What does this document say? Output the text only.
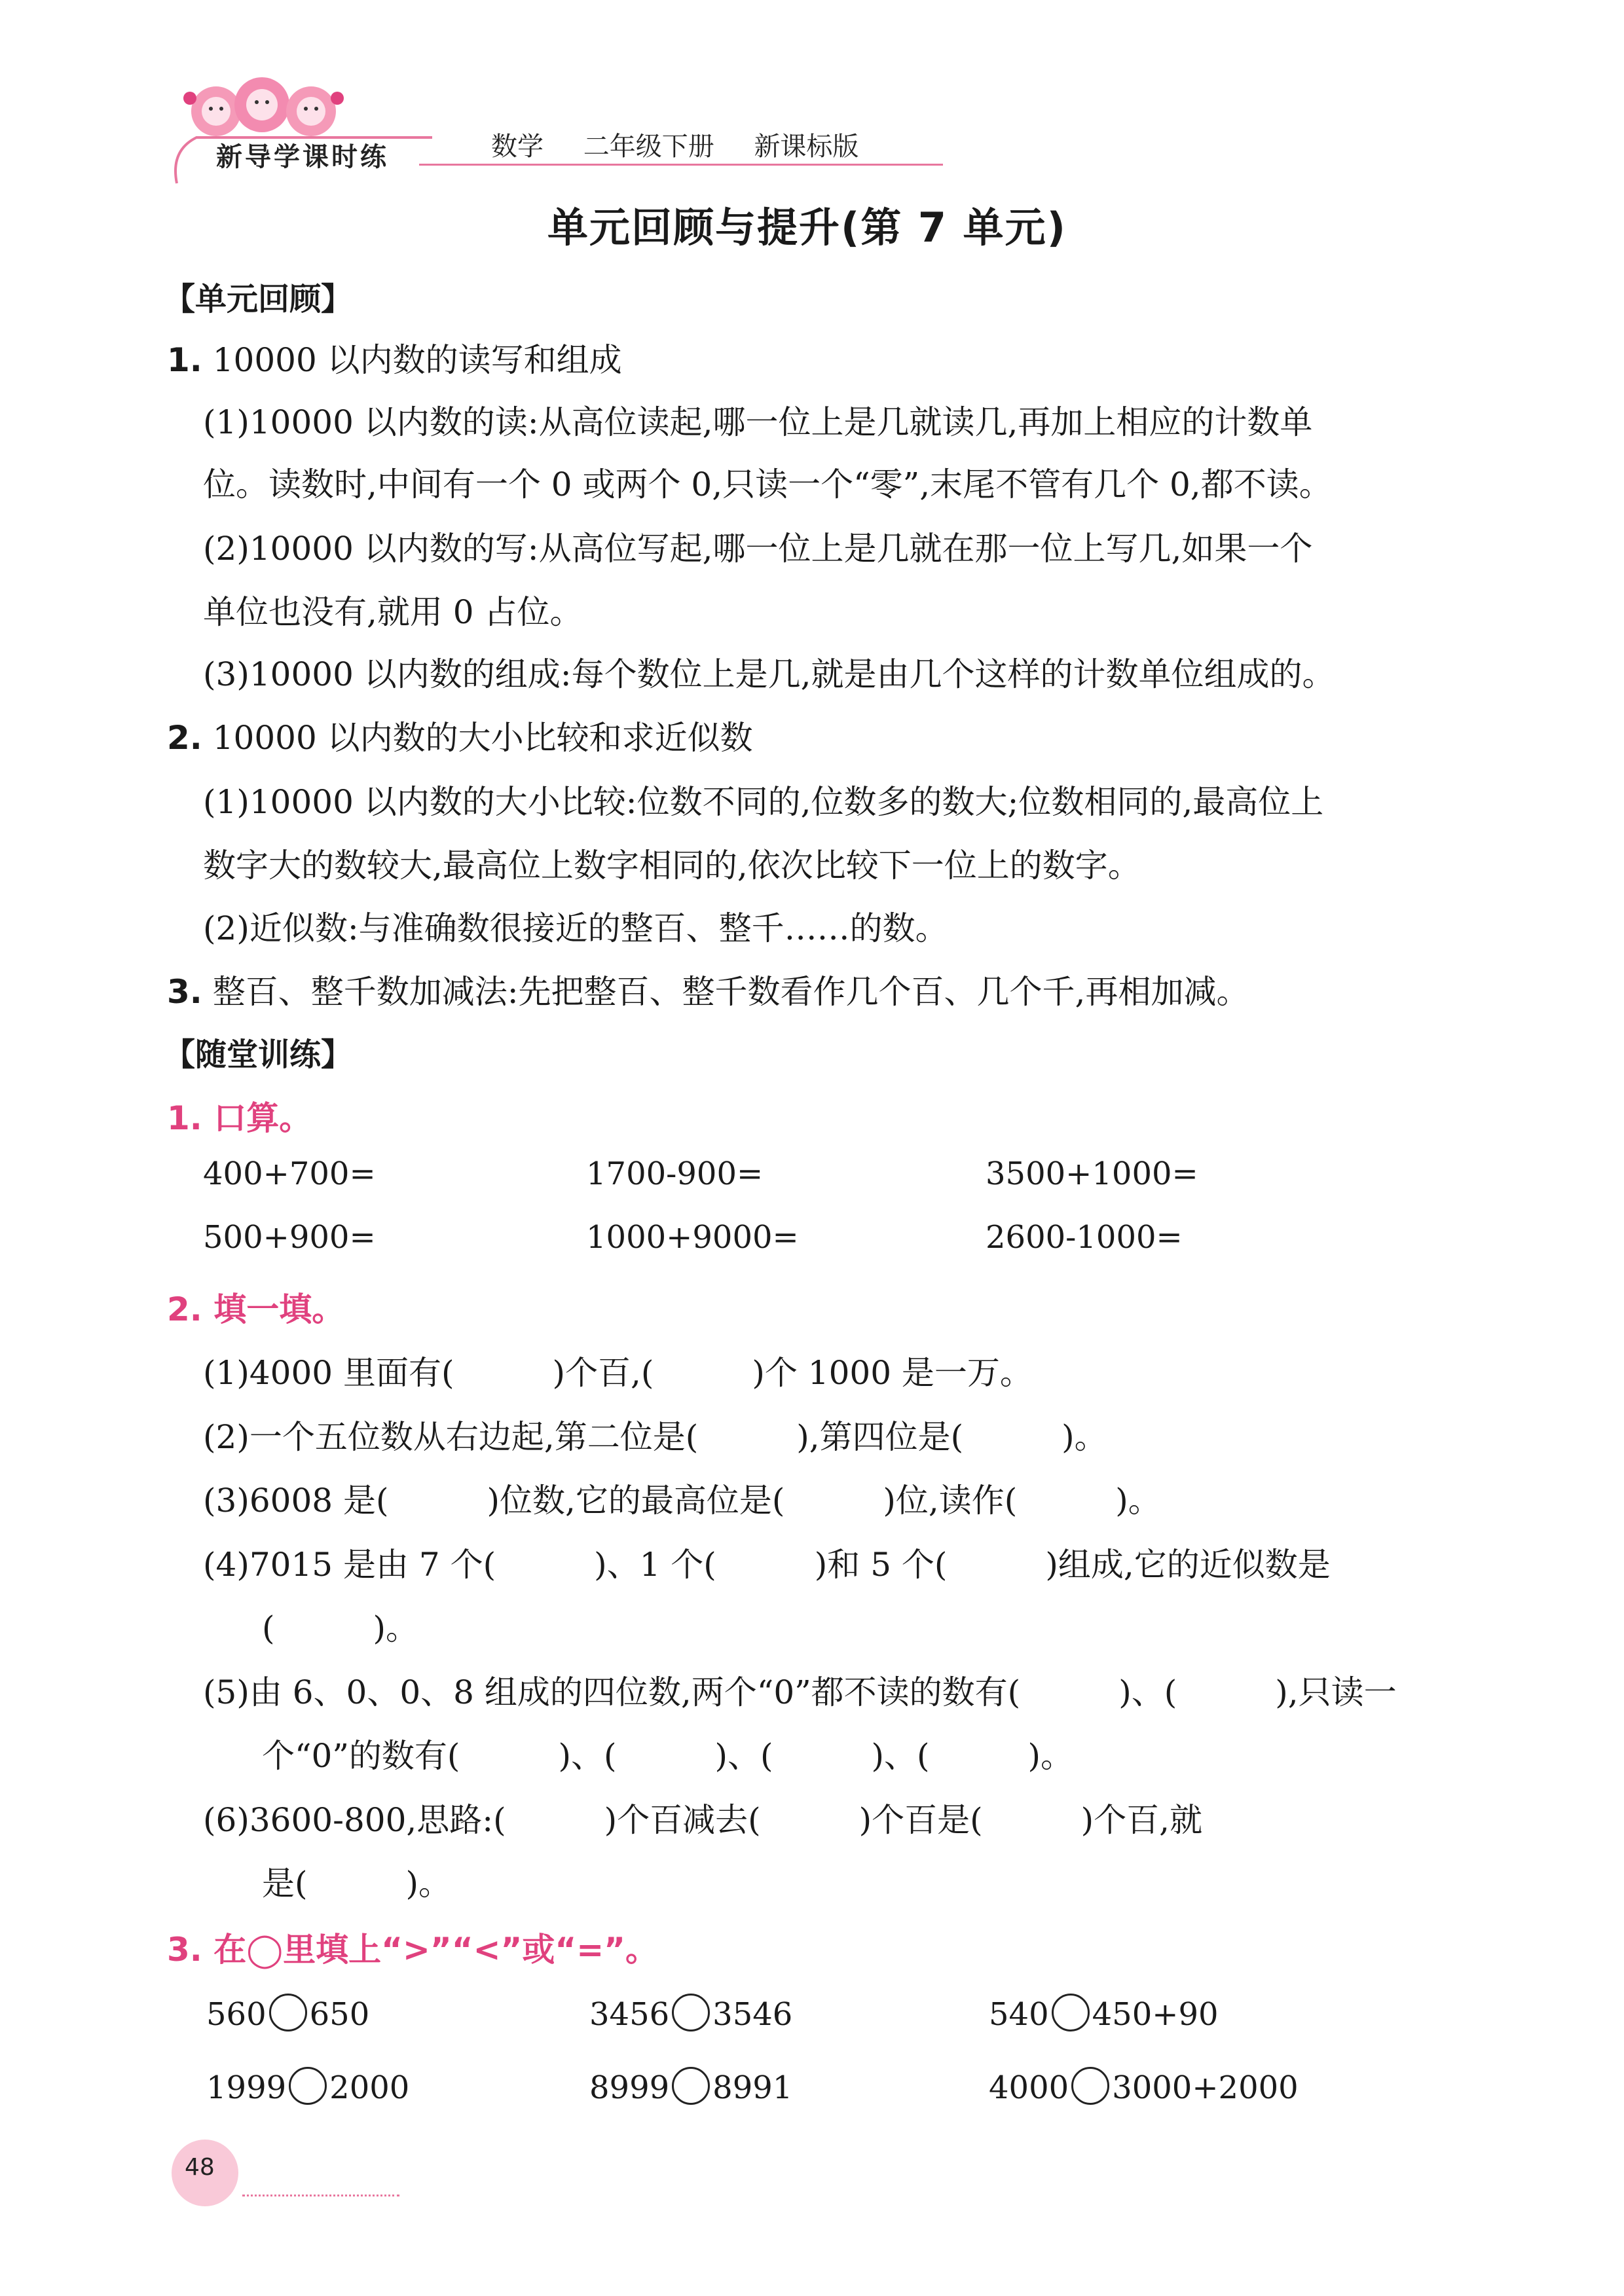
新导学课时练	数学 二年级下册 新课标版
单元回顾与提升(第 7 单元)
【单元回顾】
1. 10000 以内数的读写和组成
(1)10000 以内数的读:从高位读起,哪一位上是几就读几,再加上相应的计数单
位。读数时,中间有一个 0 或两个 0,只读一个“零”,末尾不管有几个 0,都不读。
(2)10000 以内数的写:从高位写起,哪一位上是几就在那一位上写几,如果一个
单位也没有,就用 0 占位。
(3)10000 以内数的组成:每个数位上是几,就是由几个这样的计数单位组成的。
2. 10000 以内数的大小比较和求近似数
(1)10000 以内数的大小比较:位数不同的,位数多的数大;位数相同的,最高位上
数字大的数较大,最高位上数字相同的,依次比较下一位上的数字。
(2)近似数:与准确数很接近的整百、整千……的数。
3. 整百、整千数加减法:先把整百、整千数看作几个百、几个千,再相加减。
【随堂训练】
1. 口算。
400+700=	1700-900=	3500+1000=
500+900=	1000+9000=	2600-1000=
2. 填一填。
(1)4000 里面有(　　　)个百,(　　　)个 1000 是一万。
(2)一个五位数从右边起,第二位是(　　　),第四位是(　　　)。
(3)6008 是(　　　)位数,它的最高位是(　　　)位,读作(　　　)。
(4)7015 是由 7 个(　　　)、1 个(　　　)和 5 个(　　　)组成,它的近似数是
(　　　)。
(5)由 6、0、0、8 组成的四位数,两个“0”都不读的数有(　　　)、(　　　),只读一
个“0”的数有(　　　)、(　　　)、(　　　)、(　　　)。
(6)3600-800,思路:(　　　)个百减去(　　　)个百是(　　　)个百,就
是(　　　)。
3. 在◯里填上“>”“<”或“=”。
560 650	3456 3546	540 450+90
1999 2000	8999 8991	4000 3000+2000
48
